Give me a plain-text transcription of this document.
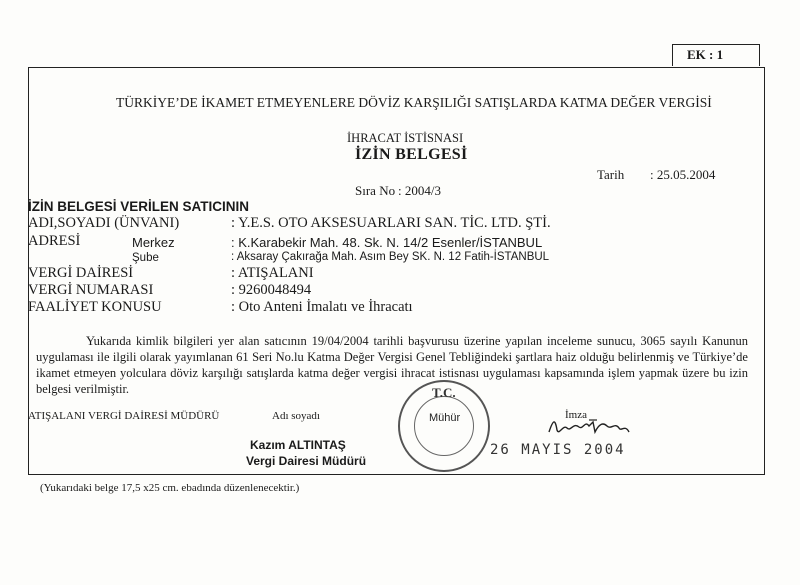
EK : 1
TÜRKİYE’DE İKAMET ETMEYENLERE DÖVİZ KARŞILIĞI SATIŞLARDA KATMA DEĞER VERGİSİ
İHRACAT İSTİSNASI
İZİN BELGESİ
Tarih : 25.05.2004
Sıra No : 2004/3
İZİN BELGESİ VERİLEN SATICININ
ADI,SOYADI (ÜNVANI)	: Y.E.S. OTO AKSESUARLARI SAN. TİC. LTD. ŞTİ.
ADRESİ	Merkez	: K.Karabekir Mah. 48. Sk. N. 14/2 Esenler/İSTANBUL
Şube	: Aksaray Çakırağa Mah. Asım Bey SK. N. 12 Fatih-İSTANBUL
VERGİ DAİRESİ	: ATIŞALANI
VERGİ NUMARASI	: 9260048494
FAALİYET KONUSU	: Oto Anteni İmalatı ve İhracatı

Yukarıda kimlik bilgileri yer alan satıcının 19/04/2004 tarihli başvurusu üzerine yapılan inceleme sunucu, 3065 sayılı Kanunun uygulaması ile ilgili olarak yayımlanan 61 Seri No.lu Katma Değer Vergisi Genel Tebliğindeki şartlara haiz olduğu belirlenmiş ve Türkiye’de ikamet etmeyen yolculara döviz karşılığı satışlarda katma değer vergisi ihracat istisnası uygulaması kapsamında işlem yapmak üzere bu izin belgesi verilmiştir.

ATIŞALANI VERGİ DAİRESİ MÜDÜRÜ	Adı soyadı	İmza
T.C.
Mühür
26 MAYIS 2004
Kazım ALTINTAŞ
Vergi Dairesi Müdürü
(Yukarıdaki belge 17,5 x25 cm. ebadında düzenlenecektir.)
